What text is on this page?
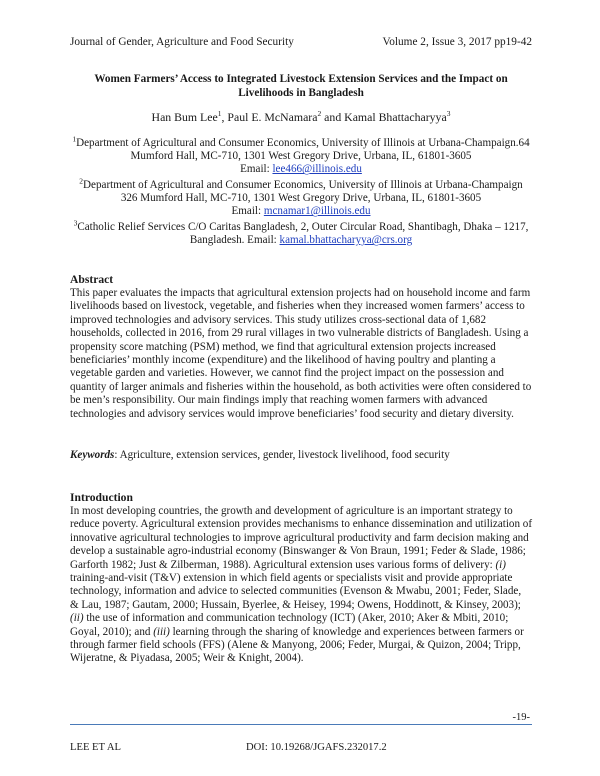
Journal of Gender, Agriculture and Food Security	Volume 2, Issue 3, 2017 pp19-42
Women Farmers’ Access to Integrated Livestock Extension Services and the Impact on Livelihoods in Bangladesh
Han Bum Lee$^1$, Paul E. McNamara$^2$ and Kamal Bhattacharyya$^3$
$^1$Department of Agricultural and Consumer Economics, University of Illinois at Urbana-Champaign.64 Mumford Hall, MC-710, 1301 West Gregory Drive, Urbana, IL, 61801-3605
Email: lee466@illinois.edu
$^2$Department of Agricultural and Consumer Economics, University of Illinois at Urbana-Champaign 326 Mumford Hall, MC-710, 1301 West Gregory Drive, Urbana, IL, 61801-3605
Email: mcnamar1@illinois.edu
$^3$Catholic Relief Services C/O Caritas Bangladesh, 2, Outer Circular Road, Shantibagh, Dhaka – 1217, Bangladesh. Email: kamal.bhattacharyya@crs.org
Abstract
This paper evaluates the impacts that agricultural extension projects had on household income and farm livelihoods based on livestock, vegetable, and fisheries when they increased women farmers’ access to improved technologies and advisory services. This study utilizes cross-sectional data of 1,682 households, collected in 2016, from 29 rural villages in two vulnerable districts of Bangladesh. Using a propensity score matching (PSM) method, we find that agricultural extension projects increased beneficiaries’ monthly income (expenditure) and the likelihood of having poultry and planting a vegetable garden and varieties. However, we cannot find the project impact on the possession and quantity of larger animals and fisheries within the household, as both activities were often considered to be men’s responsibility. Our main findings imply that reaching women farmers with advanced technologies and advisory services would improve beneficiaries’ food security and dietary diversity.
Keywords: Agriculture, extension services, gender, livestock livelihood, food security
Introduction
In most developing countries, the growth and development of agriculture is an important strategy to reduce poverty. Agricultural extension provides mechanisms to enhance dissemination and utilization of innovative agricultural technologies to improve agricultural productivity and farm decision making and develop a sustainable agro-industrial economy (Binswanger & Von Braun, 1991; Feder & Slade, 1986; Garforth 1982; Just & Zilberman, 1988). Agricultural extension uses various forms of delivery: (i) training-and-visit (T&V) extension in which field agents or specialists visit and provide appropriate technology, information and advice to selected communities (Evenson & Mwabu, 2001; Feder, Slade, & Lau, 1987; Gautam, 2000; Hussain, Byerlee, & Heisey, 1994; Owens, Hoddinott, & Kinsey, 2003); (ii) the use of information and communication technology (ICT) (Aker, 2010; Aker & Mbiti, 2010; Goyal, 2010); and (iii) learning through the sharing of knowledge and experiences between farmers or through farmer field schools (FFS) (Alene & Manyong, 2006; Feder, Murgai, & Quizon, 2004; Tripp, Wijeratne, & Piyadasa, 2005; Weir & Knight, 2004).
-19-
LEE ET AL	DOI: 10.19268/JGAFS.232017.2
